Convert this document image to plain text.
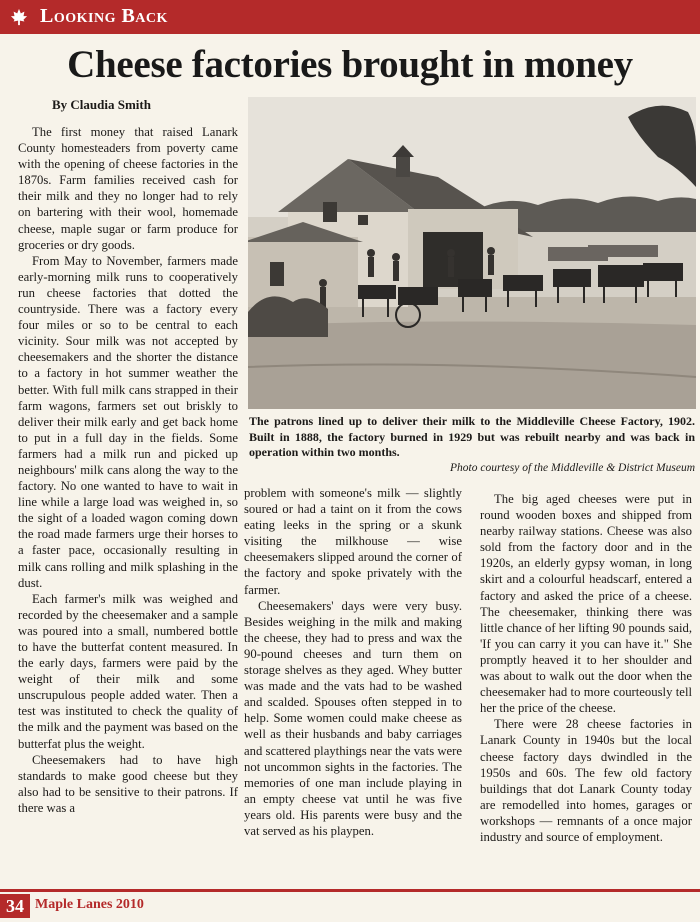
Looking Back
Cheese factories brought in money
By Claudia Smith

The first money that raised Lanark County homesteaders from poverty came with the opening of cheese factories in the 1870s. Farm families received cash for their milk and they no longer had to rely on bartering with their wool, homemade cheese, maple sugar or farm produce for groceries or dry goods.

From May to November, farmers made early-morning milk runs to cooperatively run cheese factories that dotted the countryside. There was a factory every four miles or so to be central to each vicinity. Sour milk was not accepted by cheesemakers and the shorter the distance to a factory in hot summer weather the better. With full milk cans strapped in their farm wagons, farmers set out briskly to deliver their milk early and get back home to put in a full day in the fields. Some farmers had a milk run and picked up neighbours' milk cans along the way to the factory. No one wanted to have to wait in line while a large load was weighed in, so the sight of a loaded wagon coming down the road made farmers urge their horses to a faster pace, occasionally resulting in milk cans rolling and milk splashing in the dust.

Each farmer's milk was weighed and recorded by the cheesemaker and a sample was poured into a small, numbered bottle to have the butterfat content measured. In the early days, farmers were paid by the weight of their milk and some unscrupulous people added water. Then a test was instituted to check the quality of the milk and the payment was based on the butterfat plus the weight.

Cheesemakers had to have high standards to make good cheese but they also had to be sensitive to their patrons. If there was a

The patrons lined up to deliver their milk to the Middleville Cheese Factory, 1902. Built in 1888, the factory burned in 1929 but was rebuilt nearby and was back in operation within two months.
Photo courtesy of the Middleville & District Museum

problem with someone's milk — slightly soured or had a taint on it from the cows eating leeks in the spring or a skunk visiting the milkhouse — wise cheesemakers slipped around the corner of the factory and spoke privately with the farmer.

Cheesemakers' days were very busy. Besides weighing in the milk and making the cheese, they had to press and wax the 90-pound cheeses and turn them on storage shelves as they aged. Whey butter was made and the vats had to be washed and scalded. Spouses often stepped in to help. Some women could make cheese as well as their husbands and baby carriages and scattered playthings near the vats were not uncommon sights in the factories. The memories of one man include playing in an empty cheese vat until he was five years old. His parents were busy and the vat served as his playpen.

The big aged cheeses were put in round wooden boxes and shipped from nearby railway stations. Cheese was also sold from the factory door and in the 1920s, an elderly gypsy woman, in long skirt and a colourful headscarf, entered a factory and asked the price of a cheese. The cheesemaker, thinking there was little chance of her lifting 90 pounds said, 'If you can carry it you can have it." She promptly heaved it to her shoulder and was about to walk out the door when the cheesemaker had to more courteously tell her the price of the cheese.

There were 28 cheese factories in Lanark County in 1940s but the local cheese factory days dwindled in the 1950s and 60s. The few old factory buildings that dot Lanark County today are remodelled into homes, garages or workshops — remnants of a once major industry and source of employment.

34 Maple Lanes 2010
